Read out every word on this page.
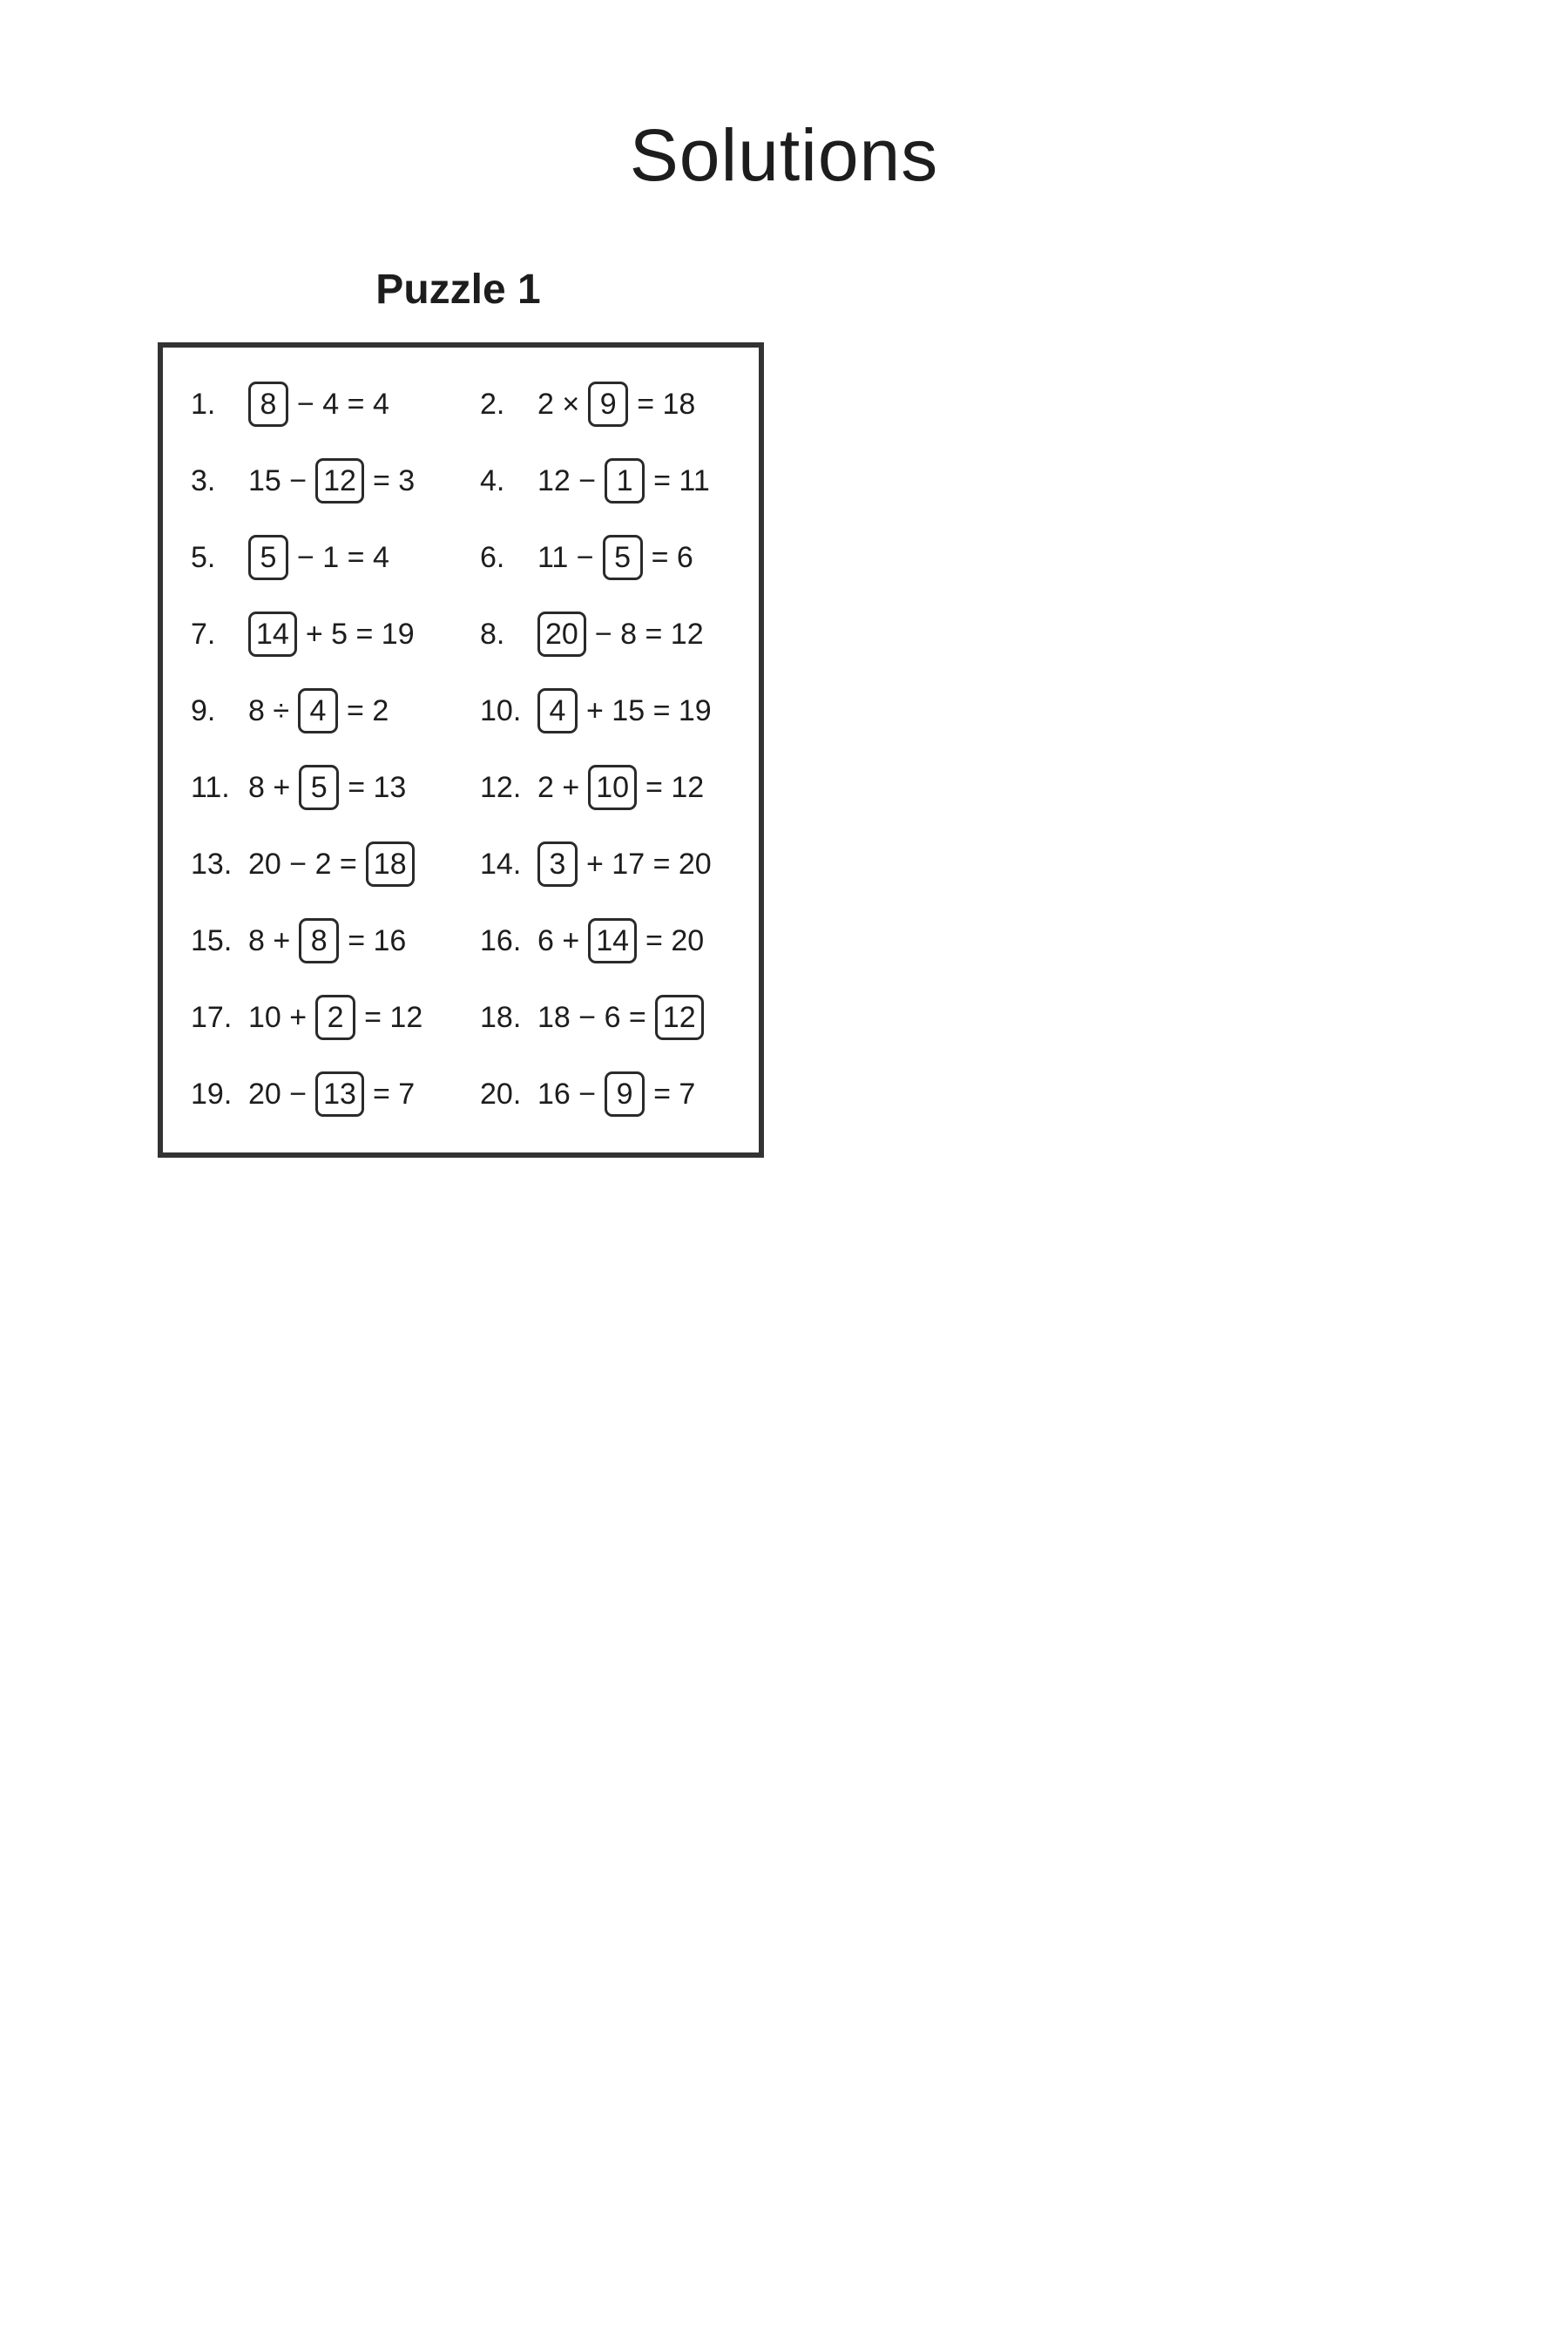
Solutions
Puzzle 1
1.	8 − 4 = 4	2.	2 × 9 = 18
3.	15 − 12 = 3 4.	12 − 1 = 11
5.	5 − 1 = 4	6.	11 − 5 = 6
7.	14 + 5 = 19 8.	20 − 8 = 12
9.	8 ÷ 4 = 2	10. 4 + 15 = 19
11. 8 + 5 = 13 12. 2 + 10 = 12
13. 20 − 2 = 18 14. 3 + 17 = 20
15. 8 + 8 = 16 16. 6 + 14 = 20
17. 10 + 2 = 12 18. 18 − 6 = 12
19. 20 − 13 = 7 20. 16 − 9 = 7
